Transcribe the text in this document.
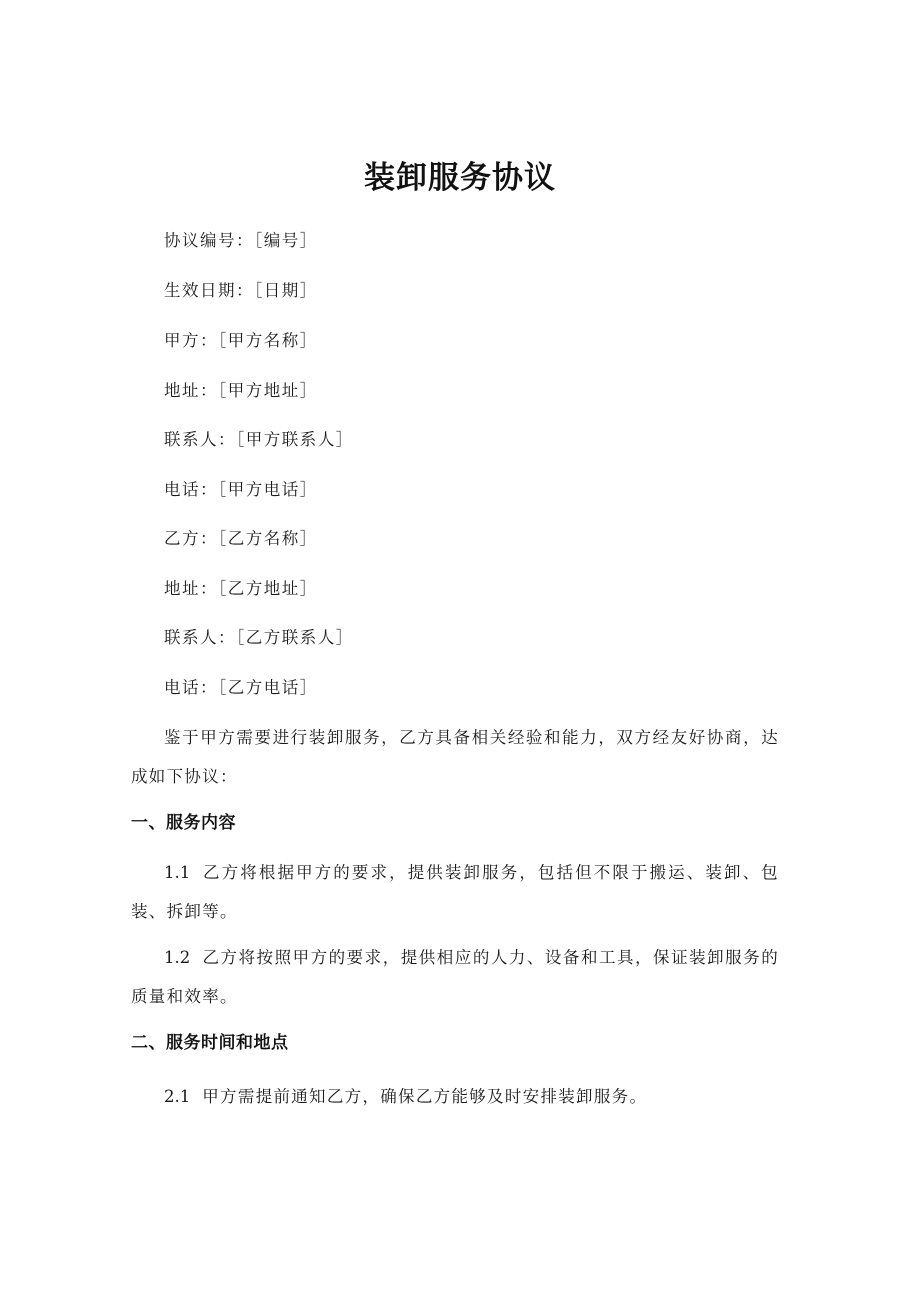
装卸服务协议
协议编号：［编号］
生效日期：［日期］
甲方：［甲方名称］
地址：［甲方地址］
联系人：［甲方联系人］
电话：［甲方电话］
乙方：［乙方名称］
地址：［乙方地址］
联系人：［乙方联系人］
电话：［乙方电话］
鉴于甲方需要进行装卸服务，乙方具备相关经验和能力，双方经友好协商，达成如下协议：
一、服务内容
1.1 乙方将根据甲方的要求，提供装卸服务，包括但不限于搬运、装卸、包装、拆卸等。
1.2 乙方将按照甲方的要求，提供相应的人力、设备和工具，保证装卸服务的质量和效率。
二、服务时间和地点
2.1 甲方需提前通知乙方，确保乙方能够及时安排装卸服务。
